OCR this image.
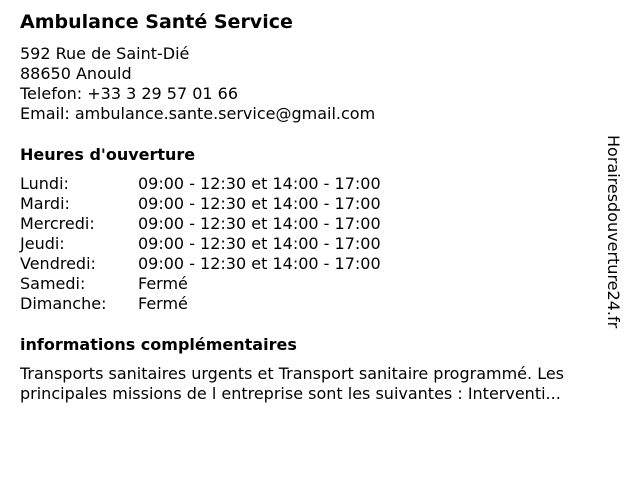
Ambulance Santé Service
592 Rue de Saint-Dié
88650 Anould
Telefon: +33 3 29 57 01 66
Email: ambulance.sante.service@gmail.com
Heures d'ouverture
Lundi:	09:00 - 12:30 et 14:00 - 17:00
Mardi:	09:00 - 12:30 et 14:00 - 17:00
Mercredi:	09:00 - 12:30 et 14:00 - 17:00
Jeudi:	09:00 - 12:30 et 14:00 - 17:00
Vendredi:	09:00 - 12:30 et 14:00 - 17:00
Samedi:	Fermé
Dimanche: Fermé
informations complémentaires
Transports sanitaires urgents et Transport sanitaire programmé. Les
principales missions de l entreprise sont les suivantes : Interventi...
Horairesdouverture24.fr
